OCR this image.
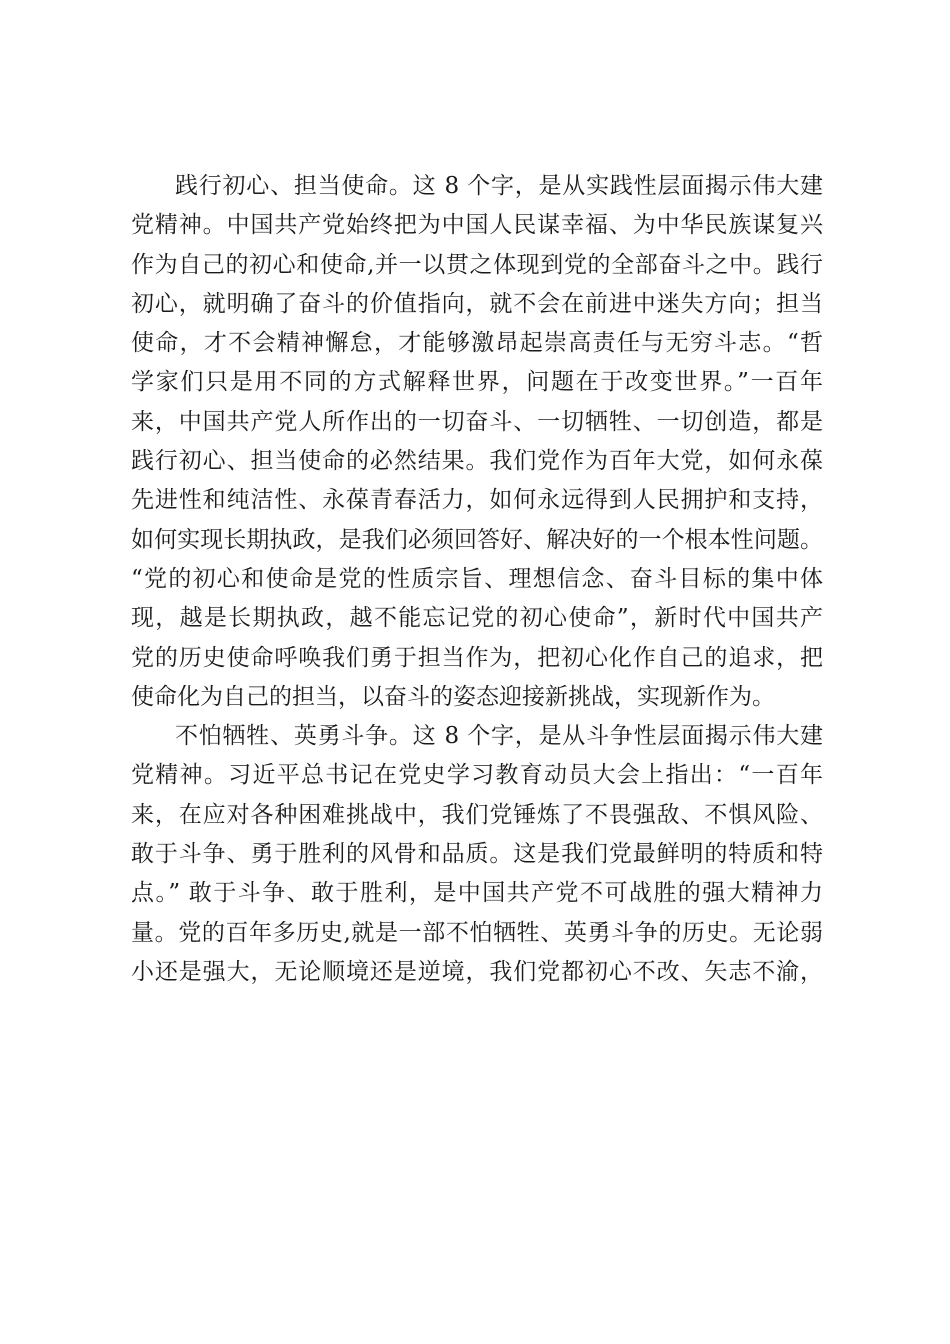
践行初心、担当使命。这 8 个字，是从实践性层面揭示伟大建
党精神。中国共产党始终把为中国人民谋幸福、为中华民族谋复兴
作为自己的初心和使命,并一以贯之体现到党的全部奋斗之中。践行
初心，就明确了奋斗的价值指向，就不会在前进中迷失方向；担当
使命，才不会精神懈怠，才能够激昂起崇高责任与无穷斗志。“哲
学家们只是用不同的方式解释世界，问题在于改变世界。”一百年
来，中国共产党人所作出的一切奋斗、一切牺牲、一切创造，都是
践行初心、担当使命的必然结果。我们党作为百年大党，如何永葆
先进性和纯洁性、永葆青春活力，如何永远得到人民拥护和支持，
如何实现长期执政，是我们必须回答好、解决好的一个根本性问题。
“党的初心和使命是党的性质宗旨、理想信念、奋斗目标的集中体
现，越是长期执政，越不能忘记党的初心使命”，新时代中国共产
党的历史使命呼唤我们勇于担当作为，把初心化作自己的追求，把
使命化为自己的担当，以奋斗的姿态迎接新挑战，实现新作为。
不怕牺牲、英勇斗争。这 8 个字，是从斗争性层面揭示伟大建
党精神。习近平总书记在党史学习教育动员大会上指出：“一百年
来，在应对各种困难挑战中，我们党锤炼了不畏强敌、不惧风险、
敢于斗争、勇于胜利的风骨和品质。这是我们党最鲜明的特质和特
点。” 敢于斗争、敢于胜利，是中国共产党不可战胜的强大精神力
量。党的百年多历史,就是一部不怕牺牲、英勇斗争的历史。无论弱
小还是强大，无论顺境还是逆境，我们党都初心不改、矢志不渝，
